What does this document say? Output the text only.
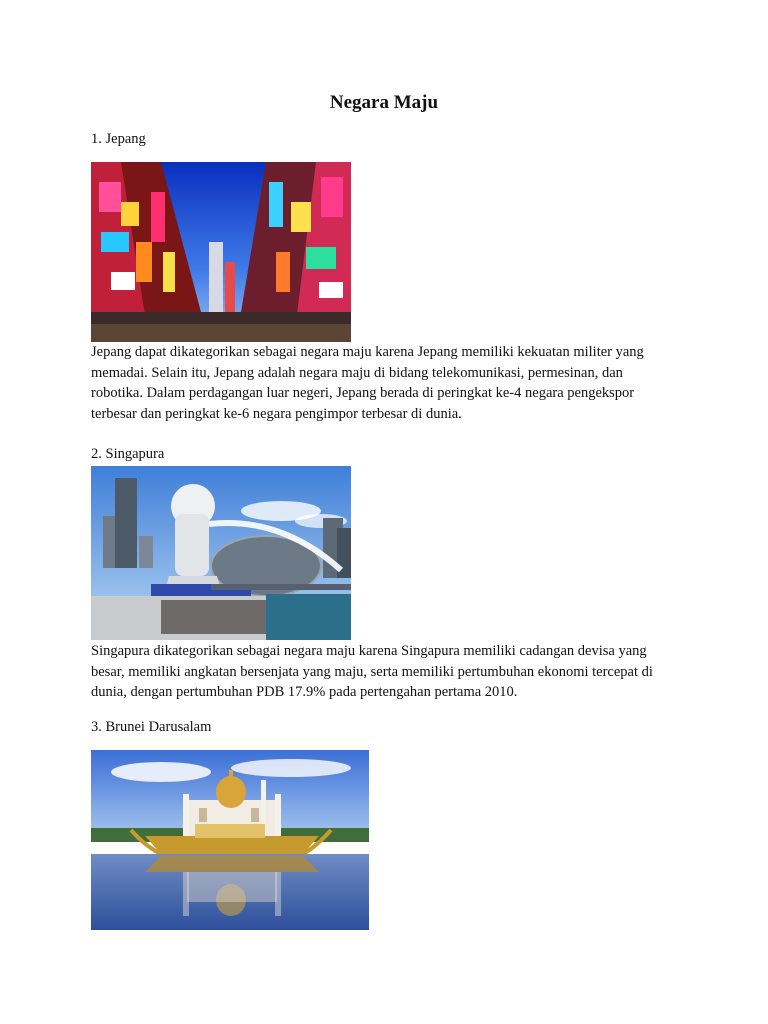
Negara Maju
1. Jepang
Jepang dapat dikategorikan sebagai negara maju karena Jepang memiliki kekuatan militer yang
memadai. Selain itu, Jepang adalah negara maju di bidang telekomunikasi, permesinan, dan
robotika. Dalam perdagangan luar negeri, Jepang berada di peringkat ke-4 negara pengekspor
terbesar dan peringkat ke-6 negara pengimpor terbesar di dunia.
2. Singapura
Singapura dikategorikan sebagai negara maju karena Singapura memiliki cadangan devisa yang
besar, memiliki angkatan bersenjata yang maju, serta memiliki pertumbuhan ekonomi tercepat di
dunia, dengan pertumbuhan PDB 17.9% pada pertengahan pertama 2010.
3. Brunei Darusalam
